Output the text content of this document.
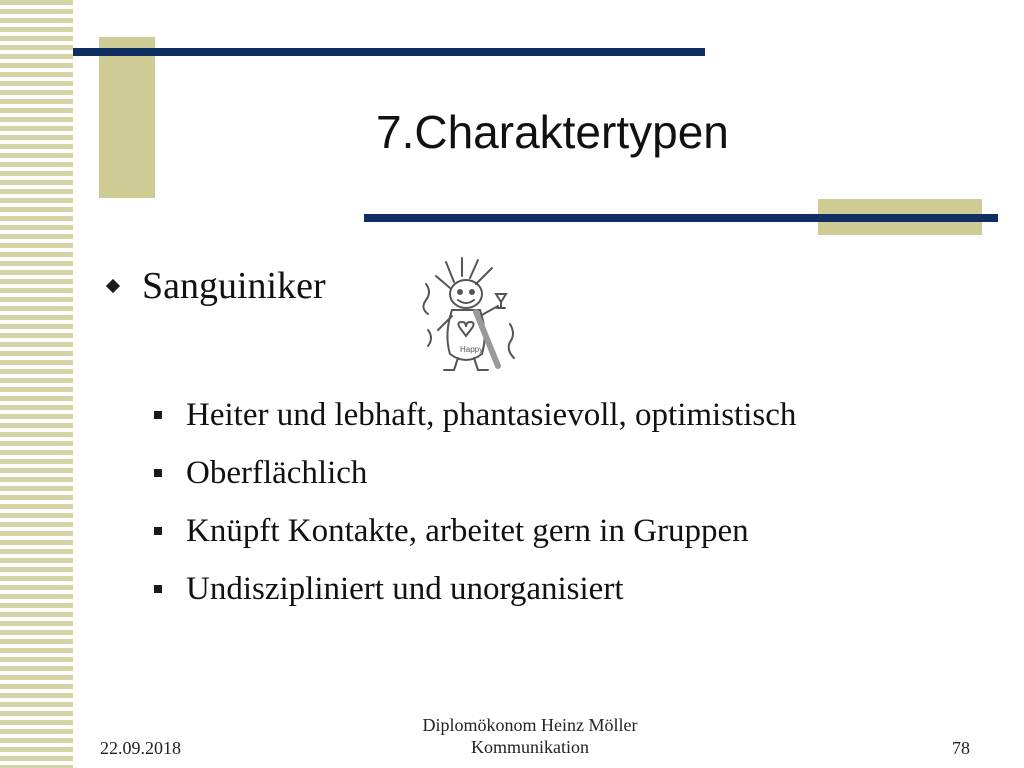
7.Charaktertypen
Sanguiniker
Happy
Heiter und lebhaft, phantasievoll, optimistisch
Oberflächlich
Knüpft Kontakte, arbeitet gern in Gruppen
Undiszipliniert und unorganisiert
22.09.2018
Diplomökonom Heinz Möller
Kommunikation	78
